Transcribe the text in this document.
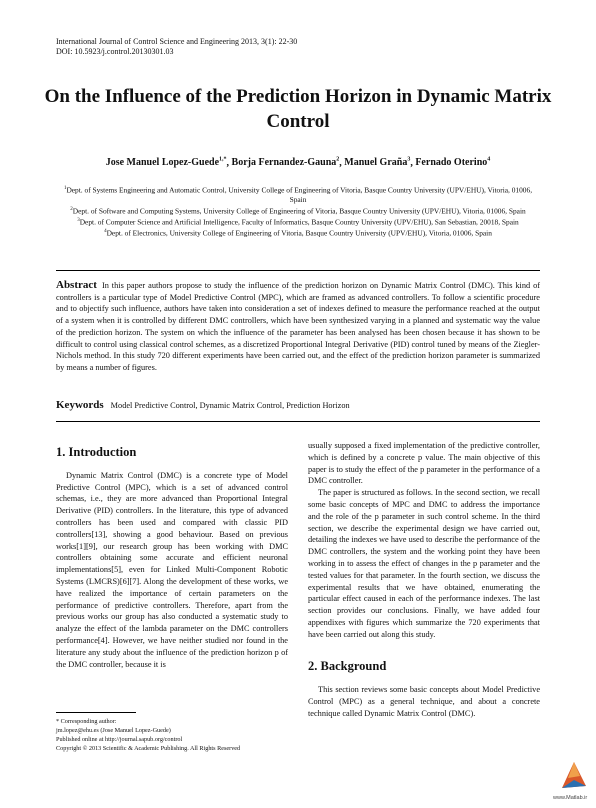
International Journal of Control Science and Engineering 2013, 3(1): 22-30
DOI: 10.5923/j.control.20130301.03
On the Influence of the Prediction Horizon in Dynamic Matrix Control
Jose Manuel Lopez-Guede$^{1,*}$, Borja Fernandez-Gauna$^2$, Manuel Graña$^3$, Fernado Oterino$^4$

$^1$Dept. of Systems Engineering and Automatic Control, University College of Engineering of Vitoria, Basque Country University (UPV/EHU), Vitoria, 01006, Spain

$^2$Dept. of Software and Computing Systems, University College of Engineering of Vitoria, Basque Country University (UPV/EHU), Vitoria, 01006, Spain

$^3$Dept. of Computer Science and Artificial Intelligence, Faculty of Informatics, Basque Country University (UPV/EHU), San Sebastian, 20018, Spain

$^4$Dept. of Electronics, University College of Engineering of Vitoria, Basque Country University (UPV/EHU), Vitoria, 01006, Spain

Abstract In this paper authors propose to study the influence of the prediction horizon on Dynamic Matrix Control (DMC). This kind of controllers is a particular type of Model Predictive Control (MPC), which are framed as advanced controllers. To follow a scientific procedure and to objectify such influence, authors have taken into consideration a set of indexes defined to measure the performance reached at the output of a system when it is controlled by different DMC controllers, which have been synthesized varying in a planned and systematic way the value of the prediction horizon. The system on which the influence of the parameter has been analysed has been chosen because it has shown to be difficult to control using classical control schemes, as a discretized Proportional Integral Derivative (PID) control tuned by means of the Ziegler-Nichols method. In this study 720 different experiments have been carried out, and the effect of the prediction horizon parameter is summarized by means a number of figures.
Keywords Model Predictive Control, Dynamic Matrix Control, Prediction Horizon
1. Introduction

Dynamic Matrix Control (DMC) is a concrete type of Model Predictive Control (MPC), which is a set of advanced control schemas, i.e., they are more advanced than Proportional Integral Derivative (PID) controllers. In the literature, this type of advanced controllers has been used and compared with classic PID controllers[13], showing a good behaviour. Based on previous works[1][9], our research group has been working with DMC controllers obtaining some accurate and efficient neuronal implementations[5], even for Linked Multi-Component Robotic Systems (LMCRS)[6][7]. Along the development of these works, we have realized the importance of certain parameters on the performance of predictive controllers. Therefore, apart from the previous works our group has also conducted a systematic study to analyze the effect of the lambda parameter on the DMC controllers performance[4]. However, we have neither studied nor found in the literature any study about the influence of the prediction horizon p of the DMC controller, because it is

usually supposed a fixed implementation of the predictive controller, which is defined by a concrete p value. The main objective of this paper is to study the effect of the p parameter in the performance of a DMC controller.

The paper is structured as follows. In the second section, we recall some basic concepts of MPC and DMC to address the importance and the role of the p parameter in such control scheme. In the third section, we describe the experimental design we have carried out, detailing the indexes we have used to describe the performance of the DMC controllers, the system and the working point they have been working in to assess the effect of changes in the p parameter and the tested values for that parameter. In the fourth section, we discuss the experimental results that we have obtained, enumerating the particular effect caused in each of the performance indexes. The last section provides our conclusions. Finally, we have added four appendixes with figures which summarize the 720 experiments that have been carried out along this study.

2. Background

This section reviews some basic concepts about Model Predictive Control (MPC) as a general technique, and about a concrete technique called Dynamic Matrix Control (DMC).

* Corresponding author:
jm.lopez@ehu.es (Jose Manuel Lopez-Guede)
Published online at http://journal.sapub.org/control
Copyright © 2013 Scientific & Academic Publishing. All Rights Reserved
www.Matlab.ir
